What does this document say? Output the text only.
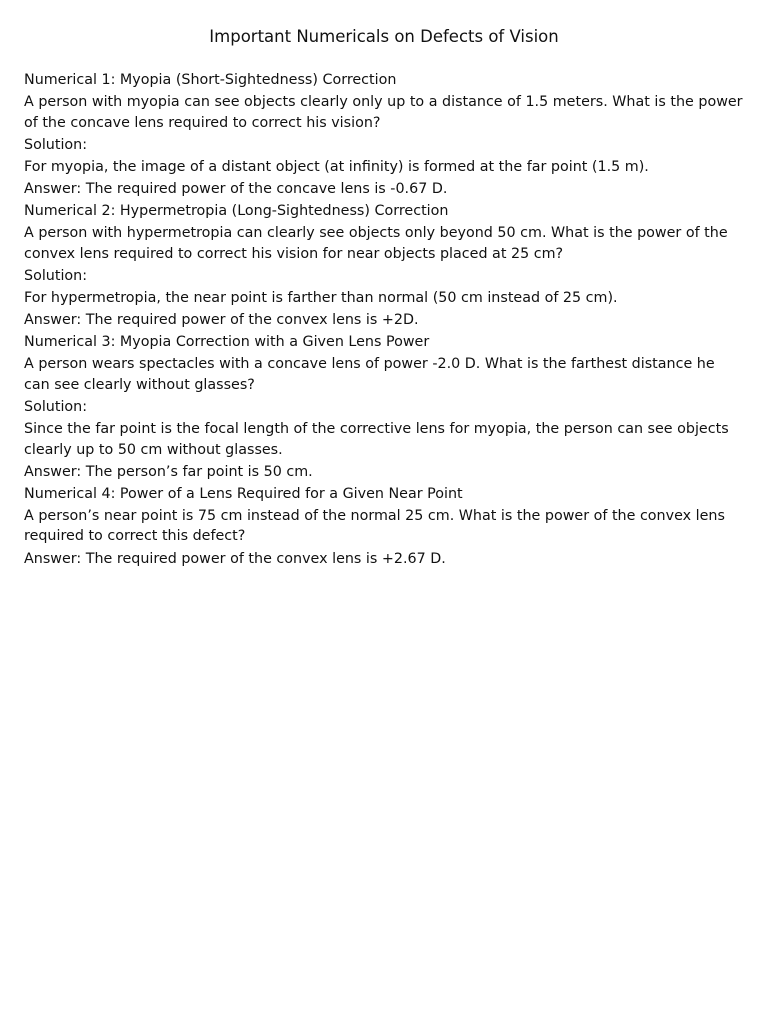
Important Numericals on Defects of Vision

Numerical 1: Myopia (Short-Sightedness) Correction

A person with myopia can see objects clearly only up to a distance of 1.5 meters. What is the power of the concave lens required to correct his vision?

Solution:

For myopia, the image of a distant object (at infinity) is formed at the far point (1.5 m).

Answer: The required power of the concave lens is -0.67 D.

Numerical 2: Hypermetropia (Long-Sightedness) Correction

A person with hypermetropia can clearly see objects only beyond 50 cm. What is the power of the convex lens required to correct his vision for near objects placed at 25 cm?

Solution:

For hypermetropia, the near point is farther than normal (50 cm instead of 25 cm).

Answer: The required power of the convex lens is +2D.

Numerical 3: Myopia Correction with a Given Lens Power

A person wears spectacles with a concave lens of power -2.0 D. What is the farthest distance he can see clearly without glasses?

Solution:

Since the far point is the focal length of the corrective lens for myopia, the person can see objects clearly up to 50 cm without glasses.

Answer: The person’s far point is 50 cm.

Numerical 4: Power of a Lens Required for a Given Near Point

A person’s near point is 75 cm instead of the normal 25 cm. What is the power of the convex lens required to correct this defect?

Answer: The required power of the convex lens is +2.67 D.
